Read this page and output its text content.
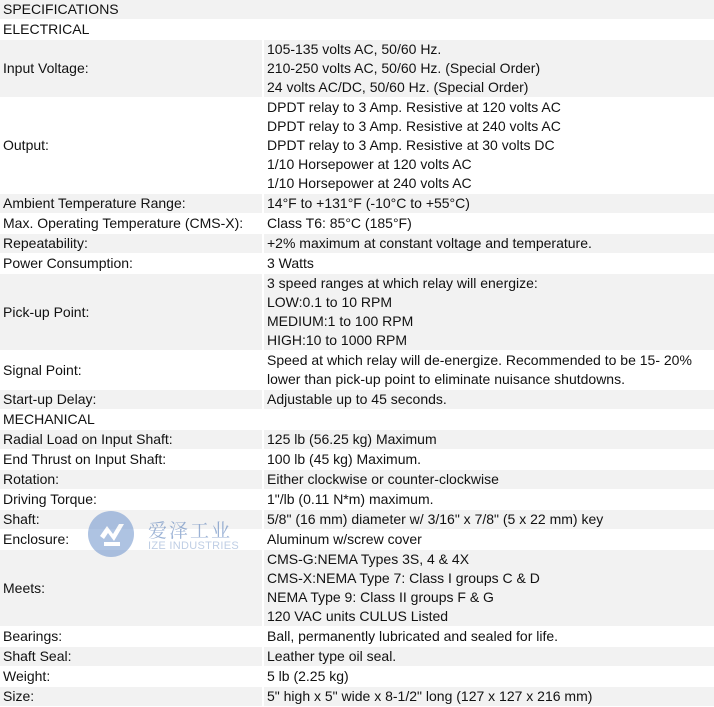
SPECIFICATIONS	
ELECTRICAL	

Input Voltage:	105-135 volts AC, 50/60 Hz.
210-250 volts AC, 50/60 Hz. (Special Order)
24 volts AC/DC, 50/60 Hz. (Special Order)

Output:	DPDT relay to 3 Amp. Resistive at 120 volts AC
DPDT relay to 3 Amp. Resistive at 240 volts AC
DPDT relay to 3 Amp. Resistive at 30 volts DC
1/10 Horsepower at 120 volts AC
1/10 Horsepower at 240 volts AC

Ambient Temperature Range:	14°F to +131°F (-10°C to +55°C)

Max. Operating Temperature (CMS-X):	Class T6: 85°C (185°F)

Repeatability:	+2% maximum at constant voltage and temperature.

Power Consumption:	3 Watts

Pick-up Point:	3 speed ranges at which relay will energize:
LOW:0.1 to 10 RPM
MEDIUM:1 to 100 RPM
HIGH:10 to 1000 RPM

Signal Point:	Speed at which relay will de-energize. Recommended to be 15- 20%
lower than pick-up point to eliminate nuisance shutdowns.

Start-up Delay:	Adjustable up to 45 seconds.

MECHANICAL	

Radial Load on Input Shaft:	125 lb (56.25 kg) Maximum

End Thrust on Input Shaft:	100 lb (45 kg) Maximum.

Rotation:	Either clockwise or counter-clockwise

Driving Torque:	1"/lb (0.11 N*m) maximum.

Shaft:	5/8" (16 mm) diameter w/ 3/16" x 7/8" (5 x 22 mm) key

Enclosure:	Aluminum w/screw cover

Meets:	CMS-G:NEMA Types 3S, 4 & 4X
CMS-X:NEMA Type 7: Class I groups C & D
NEMA Type 9: Class II groups F & G
120 VAC units CULUS Listed

Bearings:	Ball, permanently lubricated and sealed for life.

Shaft Seal:	Leather type oil seal.

Weight:	5 lb (2.25 kg)

Size:	5" high x 5" wide x 8-1/2" long (127 x 127 x 216 mm)
爱泽工业
IZE INDUSTRIES
